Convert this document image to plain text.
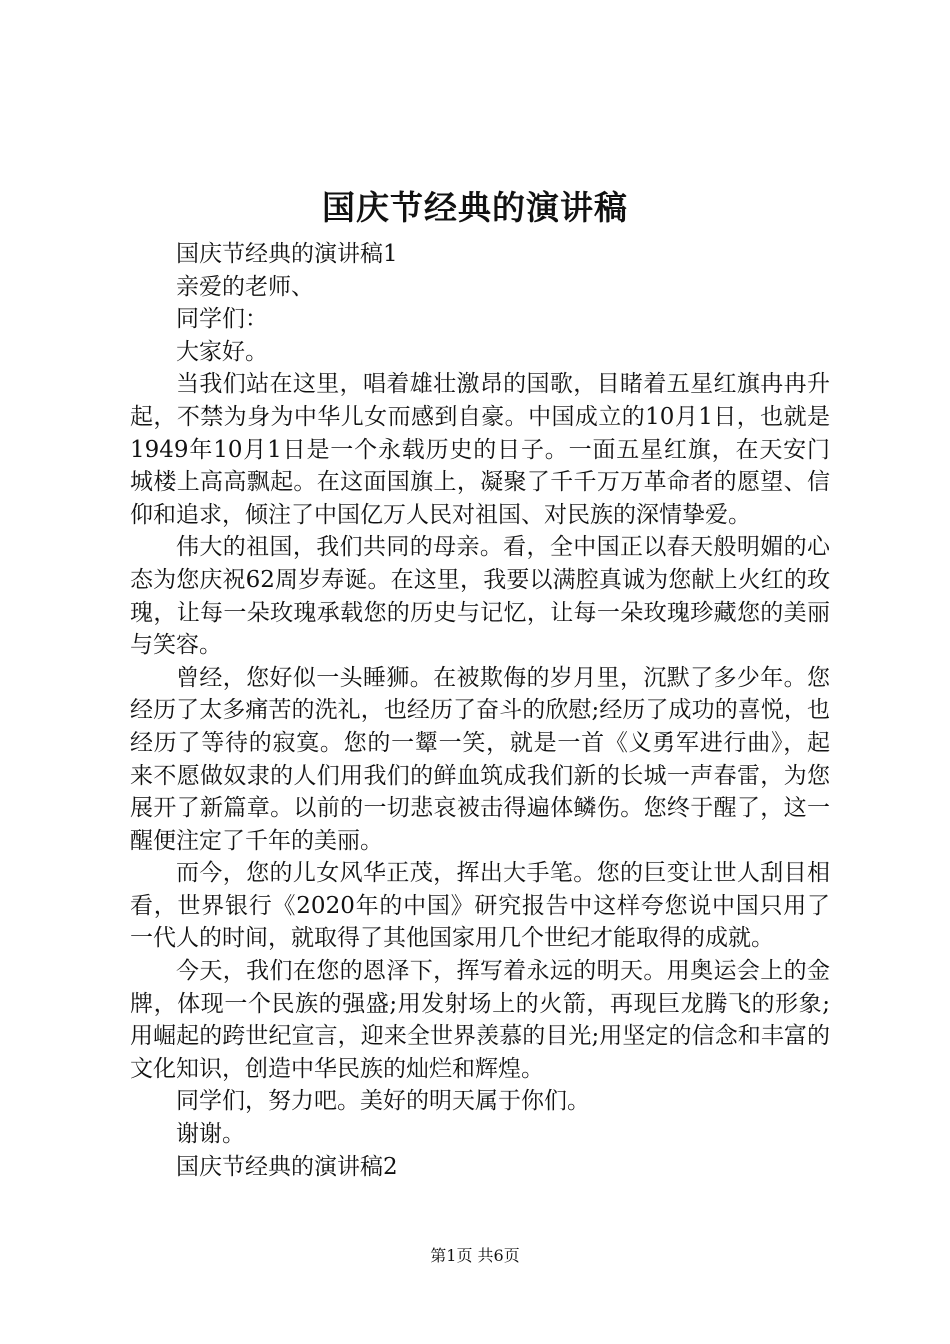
国庆节经典的演讲稿

国庆节经典的演讲稿1

亲爱的老师、

同学们：

大家好。

当我们站在这里，唱着雄壮激昂的国歌，目睹着五星红旗冉冉升起，不禁为身为中华儿女而感到自豪。中国成立的10月1日，也就是1949年10月1日是一个永载历史的日子。一面五星红旗，在天安门城楼上高高飘起。在这面国旗上，凝聚了千千万万革命者的愿望、信仰和追求，倾注了中国亿万人民对祖国、对民族的深情挚爱。

伟大的祖国，我们共同的母亲。看，全中国正以春天般明媚的心态为您庆祝62周岁寿诞。在这里，我要以满腔真诚为您献上火红的玫瑰，让每一朵玫瑰承载您的历史与记忆，让每一朵玫瑰珍藏您的美丽与笑容。

曾经，您好似一头睡狮。在被欺侮的岁月里，沉默了多少年。您经历了太多痛苦的洗礼，也经历了奋斗的欣慰;经历了成功的喜悦，也经历了等待的寂寞。您的一颦一笑，就是一首《义勇军进行曲》，起来不愿做奴隶的人们用我们的鲜血筑成我们新的长城一声春雷，为您展开了新篇章。以前的一切悲哀被击得遍体鳞伤。您终于醒了，这一醒便注定了千年的美丽。

而今，您的儿女风华正茂，挥出大手笔。您的巨变让世人刮目相看，世界银行《2020年的中国》研究报告中这样夸您说中国只用了一代人的时间，就取得了其他国家用几个世纪才能取得的成就。

今天，我们在您的恩泽下，挥写着永远的明天。用奥运会上的金牌，体现一个民族的强盛;用发射场上的火箭，再现巨龙腾飞的形象;用崛起的跨世纪宣言，迎来全世界羡慕的目光;用坚定的信念和丰富的文化知识，创造中华民族的灿烂和辉煌。

同学们，努力吧。美好的明天属于你们。

谢谢。

国庆节经典的演讲稿2

第1页 共6页
